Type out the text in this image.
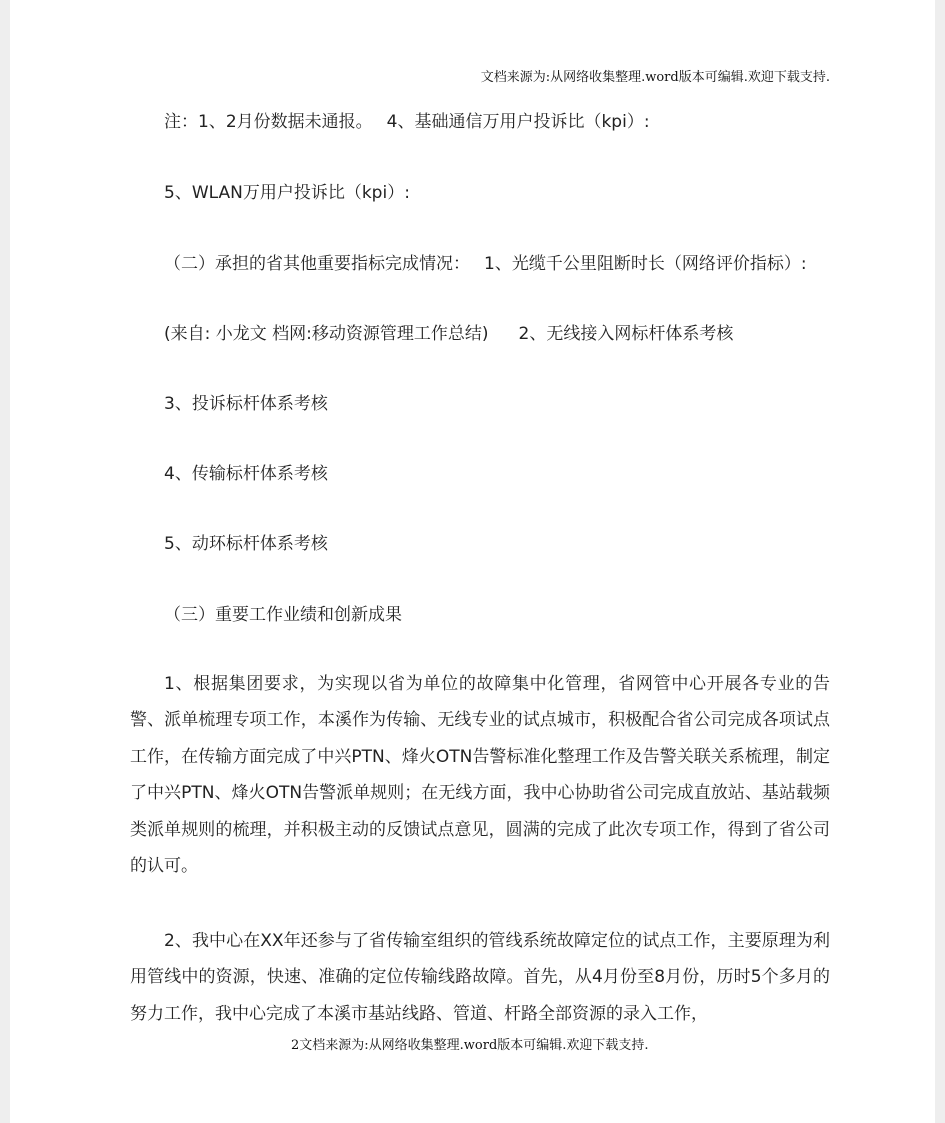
文档来源为:从网络收集整理.word版本可编辑.欢迎下载支持.
注：1、2月份数据未通报。 4、基础通信万用户投诉比（kpi）:
5、WLAN万用户投诉比（kpi）:
（二）承担的省其他重要指标完成情况： 1、光缆千公里阻断时长（网络评价指标）:
(来自: 小龙文 档网:移动资源管理工作总结) 2、无线接入网标杆体系考核
3、投诉标杆体系考核
4、传输标杆体系考核
5、动环标杆体系考核
（三）重要工作业绩和创新成果

1、根据集团要求，为实现以省为单位的故障集中化管理，省网管中心开展各专业的告警、派单梳理专项工作，本溪作为传输、无线专业的试点城市，积极配合省公司完成各项试点工作，在传输方面完成了中兴PTN、烽火OTN告警标准化整理工作及告警关联关系梳理，制定了中兴PTN、烽火OTN告警派单规则；在无线方面，我中心协助省公司完成直放站、基站载频类派单规则的梳理，并积极主动的反馈试点意见，圆满的完成了此次专项工作，得到了省公司的认可。

2、我中心在XX年还参与了省传输室组织的管线系统故障定位的试点工作，主要原理为利用管线中的资源，快速、准确的定位传输线路故障。首先，从4月份至8月份，历时5个多月的努力工作，我中心完成了本溪市基站线路、管道、杆路全部资源的录入工作，

2文档来源为:从网络收集整理.word版本可编辑.欢迎下载支持.
